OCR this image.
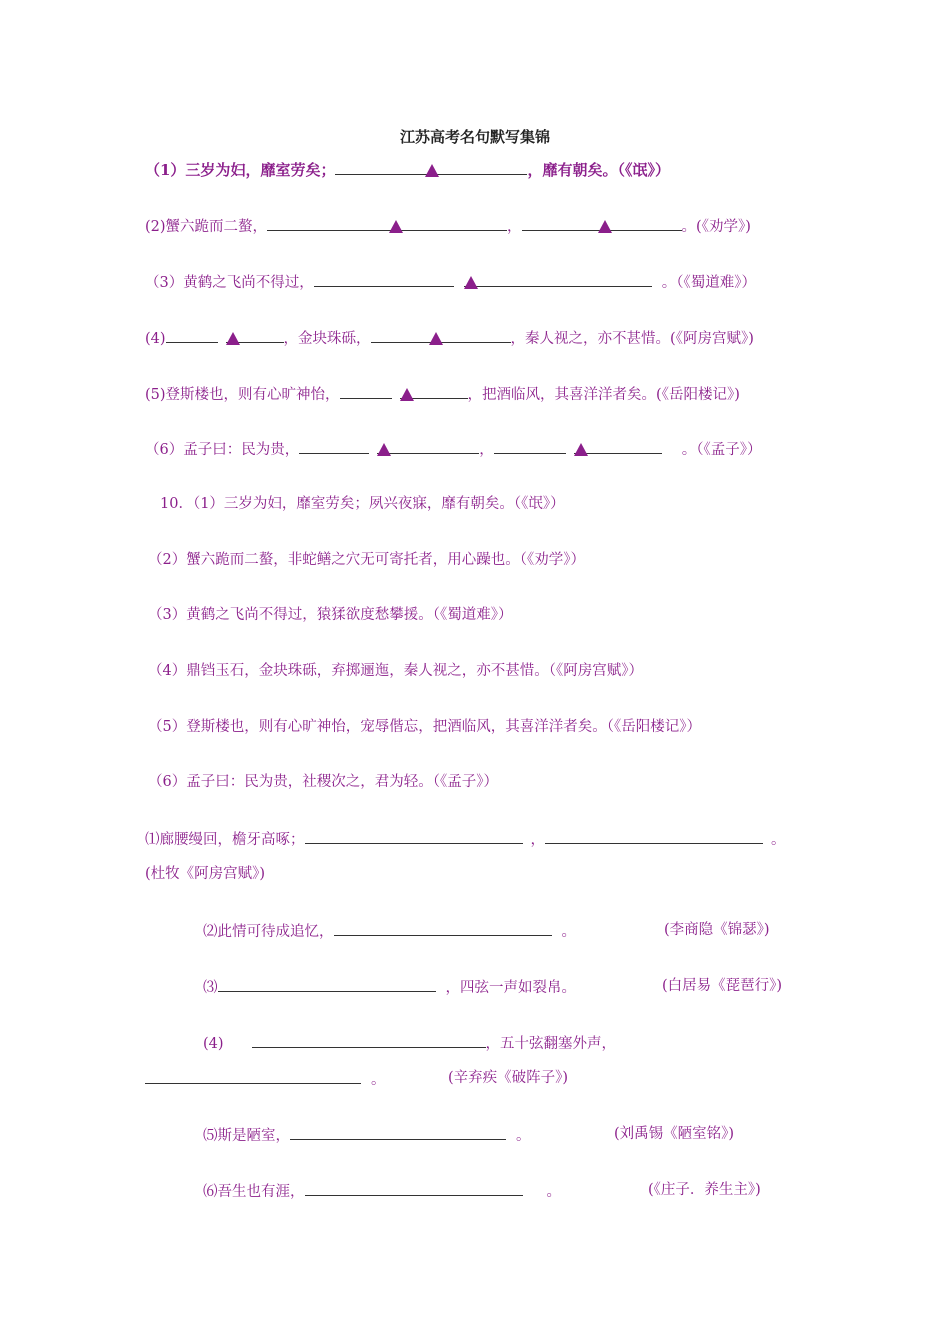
江苏高考名句默写集锦
（1）三岁为妇，靡室劳矣；	，靡有朝矣。（《氓》）
(2)蟹六跪而二螯，	，	。(《劝学》)
（3）黄鹤之飞尚不得过，	。（《蜀道难》）
(4)	，金块珠砾，	，秦人视之，亦不甚惜。(《阿房宫赋》)
(5)登斯楼也，则有心旷神怡，	，把酒临风，其喜洋洋者矣。(《岳阳楼记》)
（6）孟子曰：民为贵，	，	。（《孟子》）
10．（1）三岁为妇，靡室劳矣；夙兴夜寐，靡有朝矣。（《氓》）
（2）蟹六跪而二螯，非蛇鳝之穴无可寄托者，用心躁也。（《劝学》）
（3）黄鹤之飞尚不得过，猿猱欲度愁攀援。（《蜀道难》）
（4）鼎铛玉石，金块珠砾，弃掷逦迤，秦人视之，亦不甚惜。（《阿房宫赋》）
（5）登斯楼也，则有心旷神怡，宠辱偕忘，把酒临风，其喜洋洋者矣。（《岳阳楼记》）
（6）孟子曰：民为贵，社稷次之，君为轻。（《孟子》）
⑴廊腰缦回，檐牙高啄；	，	。
(杜牧《阿房宫赋》)
⑵此情可待成追忆，	。	(李商隐《锦瑟》)
⑶	，四弦一声如裂帛。	(白居易《琵琶行》)
(4)	，五十弦翻塞外声，
。	(辛弃疾《破阵子》)
⑸斯是陋室，	。	(刘禹锡《陋室铭》)
⑹吾生也有涯，	。	(《庄子．养生主》)
